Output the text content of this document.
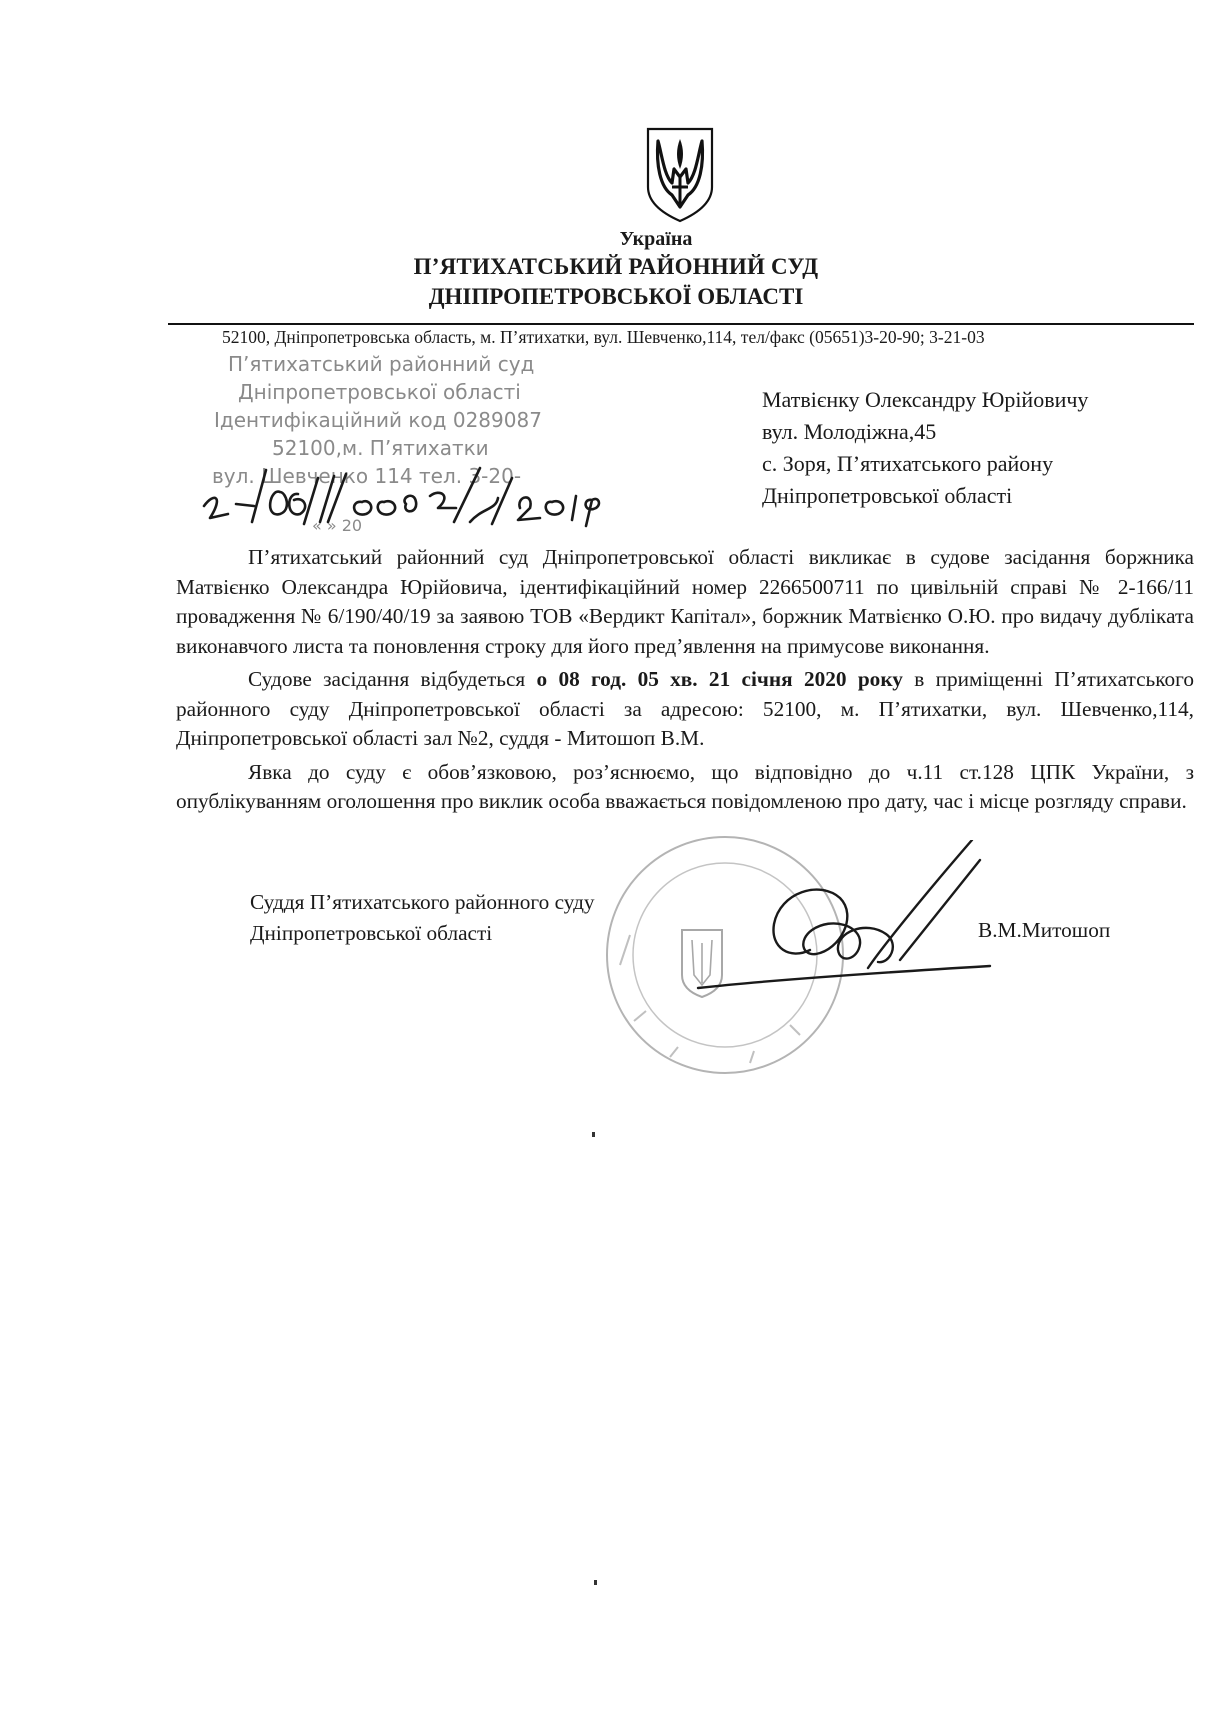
Україна
П’ЯТИХАТСЬКИЙ РАЙОННИЙ СУД
ДНІПРОПЕТРОВСЬКОЇ ОБЛАСТІ
52100, Дніпропетровська область, м. П’ятихатки, вул. Шевченко,114, тел/факс (05651)3-20-90; 3-21-03
П’ятихатський районний суд
Дніпропетровської області
Ідентифікаційний код 0289087
52100,м. П’ятихатки
вул. Шевченко 114 тел. 3-20-
« » 20
Матвієнку Олександру Юрійовичу
вул. Молодіжна,45
с. Зоря, П’ятихатського району
Дніпропетровської області

П’ятихатський районний суд Дніпропетровської області викликає в судове засідання боржника Матвієнко Олександра Юрійовича, ідентифікаційний номер 2266500711 по цивільній справі № 2-166/11 провадження № 6/190/40/19 за заявою ТОВ «Вердикт Капітал», боржник Матвієнко О.Ю. про видачу дубліката виконавчого листа та поновлення строку для його пред’явлення на примусове виконання.

Судове засідання відбудеться о 08 год. 05 хв. 21 січня 2020 року в приміщенні П’ятихатського районного суду Дніпропетровської області за адресою: 52100, м. П’ятихатки, вул. Шевченко,114, Дніпропетровської області зал №2, суддя - Митошоп В.М.

Явка до суду є обов’язковою, роз’яснюємо, що відповідно до ч.11 ст.128 ЦПК України, з опублікуванням оголошення про виклик особа вважається повідомленою про дату, час і місце розгляду справи.

Суддя П’ятихатського районного суду
Дніпропетровської області	В.М.Митошоп
